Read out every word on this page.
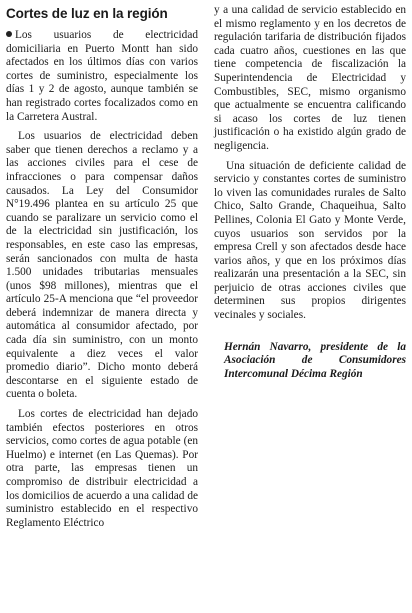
Cortes de luz en la región

Los usuarios de electricidad domiciliaria en Puerto Montt han sido afectados en los últimos días con varios cortes de suministro, especialmente los días 1 y 2 de agosto, aunque también se han registrado cortes focalizados como en la Carretera Austral.

Los usuarios de electricidad deben saber que tienen derechos a reclamo y a las acciones civiles para el cese de infracciones o para compensar daños causados. La Ley del Consumidor N°19.496 plantea en su artículo 25 que cuando se paralizare un servicio como el de la electricidad sin justificación, los responsables, en este caso las empresas, serán sancionados con multa de hasta 1.500 unidades tributarias mensuales (unos $98 millones), mientras que el artículo 25-A menciona que “el proveedor deberá indemnizar de manera directa y automática al consumidor afectado, por cada día sin suministro, con un monto equivalente a diez veces el valor promedio diario”. Dicho monto deberá descontarse en el siguiente estado de cuenta o boleta.

Los cortes de electricidad han dejado también efectos posteriores en otros servicios, como cortes de agua potable (en Huelmo) e internet (en Las Quemas). Por otra parte, las empresas tienen un compromiso de distribuir electricidad a los domicilios de acuerdo a una calidad de suministro establecido en el respectivo Reglamento Eléctrico

y a una calidad de servicio establecido en el mismo reglamento y en los decretos de regulación tarifaria de distribución fijados cada cuatro años, cuestiones en las que tiene competencia de fiscalización la Superintendencia de Electricidad y Combustibles, SEC, mismo organismo que actualmente se encuentra calificando si acaso los cortes de luz tienen justificación o ha existido algún grado de negligencia.

Una situación de deficiente calidad de servicio y constantes cortes de suministro lo viven las comunidades rurales de Salto Chico, Salto Grande, Chaqueihua, Salto Pellines, Colonia El Gato y Monte Verde, cuyos usuarios son servidos por la empresa Crell y son afectados desde hace varios años, y que en los próximos días realizarán una presentación a la SEC, sin perjuicio de otras acciones civiles que determinen sus propios dirigentes vecinales y sociales.

Hernán Navarro, presidente de la Asociación de Consumidores Intercomunal Décima Región
